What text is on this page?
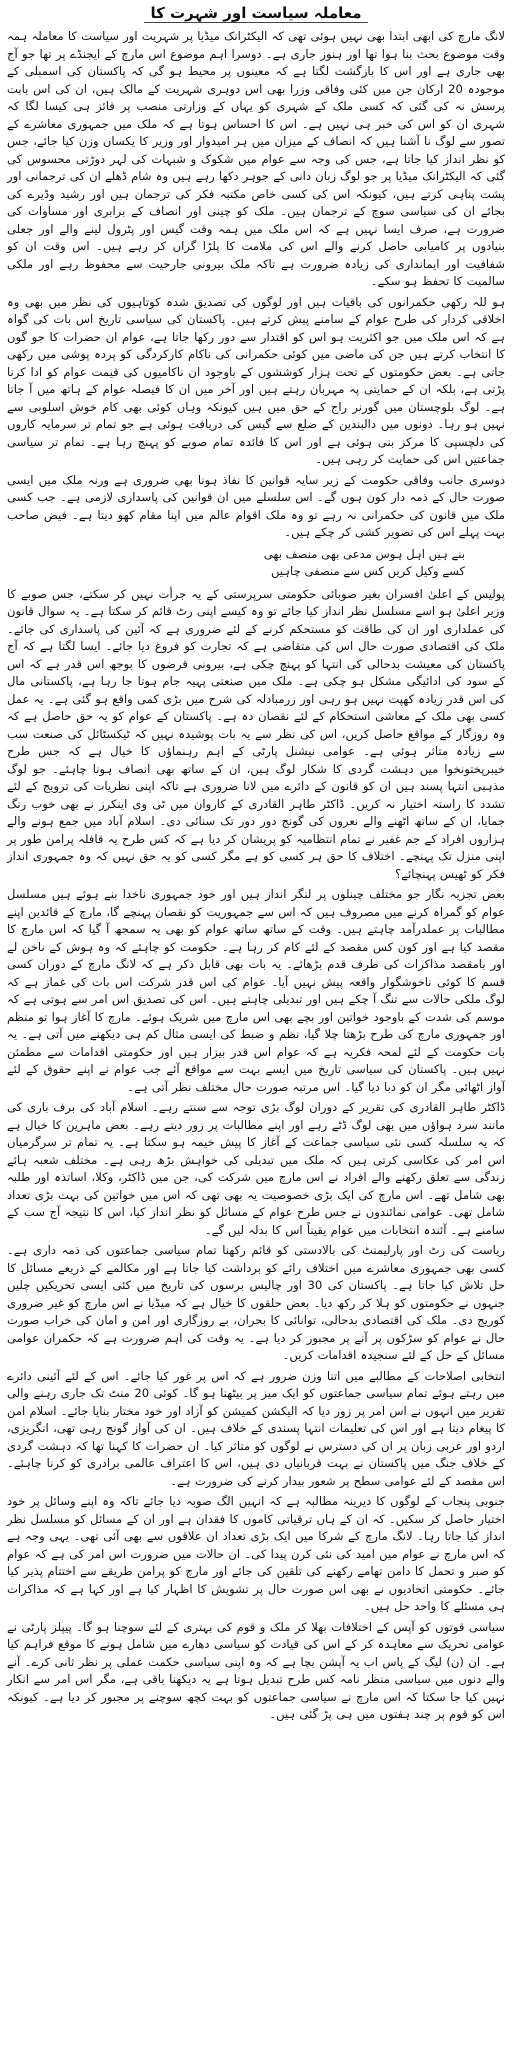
معاملہ سیاست اور شہرت کا

لانگ مارچ کی ابھی ابتدا بھی نہیں ہوئی تھی کہ الیکٹرانک میڈیا پر شہریت اور سیاست کا معاملہ ہمہ وقت موضوع بحث بنا ہوا تھا اور ہنوز جاری ہے۔ دوسرا اہم موضوع اس مارچ کے ایجنڈے پر تھا جو آج بھی جاری ہے اور اس کا بازگشت لگتا ہے کہ معینوں پر محیط ہو گی کہ پاکستان کی اسمبلی کے موجودہ 20 ارکان جن میں کئی وفاقی وزرا بھی اس دوہری شہریت کے مالک ہیں، ان کی اس بابت پرسش نہ کی گئی کہ کسی ملک کے شہری کو یہاں کے وزارتی منصب پر فائز ہی کیسا لگا کہ شہری ان کو اس کی خبر ہی نہیں ہے۔ اس کا احساس ہوتا ہے کہ ملک میں جمہوری معاشرے کے تصور سے لوگ نا آشنا ہیں کہ انصاف کے میزان میں ہر امیدوار اور وزیر کا یکساں وزن کیا جائے، جس کو نظر انداز کیا جاتا ہے، جس کی وجہ سے عوام میں شکوک و شبہات کی لہر دوڑتی محسوس کی گئی کہ الیکٹرانک میڈیا پر جو لوگ زبان دانی کے جوہر دکھا رہے ہیں وہ شام ڈھلے ان کی ترجمانی اور پشت پناہی کرتے ہیں، کیونکہ اس کی کسی خاص مکتبہ فکر کی ترجمان ہیں اور رشید وڈیرے کی بجائے ان کی سیاسی سوچ کے ترجمان ہیں۔ ملک کو چینی اور انصاف کے برابری اور مساوات کی ضرورت ہے، صرف ایسا نہیں ہے کہ اس ملک میں ہمہ وقت گیس اور پٹرول لینے والے اور جعلی بنیادوں پر کامیابی حاصل کرنے والے اس کی ملامت کا پلڑا گراں کر رہے ہیں۔ اس وقت ان کو شفافیت اور ایمانداری کی زیادہ ضرورت ہے تاکہ ملک بیرونی جارحیت سے محفوظ رہے اور ملکی سالمیت کا تحفظ ہو سکے۔

ہو للہ رکھی حکمرانوں کی باقیات ہیں اور لوگوں کی تصدیق شدہ کوتاہیوں کی نظر میں بھی وہ اخلاقی کردار کی طرح عوام کے سامنے پیش کرتے ہیں۔ پاکستان کی سیاسی تاریخ اس بات کی گواہ ہے کہ اس ملک میں جو اکثریت ہو اس کو اقتدار سے دور رکھا جاتا ہے، عوام ان حضرات کا جو گوں کا انتخاب کرتے ہیں جن کی ماضی میں کوئی حکمرانی کی ناکام کارکردگی کو پردہ پوشی میں رکھی جاتی ہے۔ بعض حکومتوں کے تحت ہزار کوششوں کے باوجود ان ناکامیوں کی قیمت عوام کو ادا کرنا پڑتی ہے، بلکہ ان کے حمایتی پہ مہربان رہتے ہیں اور آخر میں ان کا فیصلہ عوام کے ہاتھ میں آ جاتا ہے۔ لوگ بلوچستان میں گورنر راج کے حق میں ہیں کیونکہ وہاں کوئی بھی کام خوش اسلوبی سے نہیں ہو رہا۔ دونوں میں دالبندین کے ضلع سے گیس کی دریافت ہوئی ہے جو تمام تر سرمایہ کاروں کی دلچسپی کا مرکز بنی ہوئی ہے اور اس کا فائدہ تمام صوبے کو پہنچ رہا ہے۔ تمام تر سیاسی جماعتیں اس کی حمایت کر رہی ہیں۔

دوسری جانب وفاقی حکومت کے زیر سایہ قوانین کا نفاذ ہونا بھی ضروری ہے ورنہ ملک میں ایسی صورت حال کے ذمہ دار کون ہوں گے۔ اس سلسلے میں ان قوانین کی پاسداری لازمی ہے۔ جب کسی ملک میں قانون کی حکمرانی نہ رہے تو وہ ملک اقوام عالم میں اپنا مقام کھو دیتا ہے۔ فیض صاحب بہت پہلے اس کی تصویر کشی کر چکے ہیں۔

بنے ہیں اہل ہوس مدعی بھی منصف بھی
کسے وکیل کریں کس سے منصفی چاہیں

پولیس کے اعلیٰ افسران بغیر صوبائی حکومتی سرپرستی کے یہ جرأت نہیں کر سکتے، جس صوبے کا وزیر اعلیٰ ہو اسے مسلسل نظر انداز کیا جائے تو وہ کیسے اپنی رٹ قائم کر سکتا ہے۔ یہ سوال قانون کی عملداری اور ان کی طاقت کو مستحکم کرنے کے لئے ضروری ہے کہ آئین کی پاسداری کی جائے۔ ملک کی اقتصادی صورت حال اس کی متقاضی ہے کہ تجارت کو فروغ دیا جائے۔ ایسا لگتا ہے کہ آج پاکستان کی معیشت بدحالی کی انتہا کو پہنچ چکی ہے، بیرونی قرضوں کا بوجھ اس قدر ہے کہ اس کے سود کی ادائیگی مشکل ہو چکی ہے۔ ملک میں صنعتی پہیہ جام ہوتا جا رہا ہے، پاکستانی مال کی اس قدر زیادہ کھپت نہیں ہو رہی اور زرمبادلہ کی شرح میں بڑی کمی واقع ہو گئی ہے۔ یہ عمل کسی بھی ملک کے معاشی استحکام کے لئے نقصان دہ ہے۔ پاکستان کے عوام کو یہ حق حاصل ہے کہ وہ روزگار کے مواقع حاصل کریں، اس کی نظر سے یہ بات پوشیدہ نہیں کہ ٹیکسٹائل کی صنعت سب سے زیادہ متاثر ہوئی ہے۔ عوامی نیشنل پارٹی کے اہم رہنماؤں کا خیال ہے کہ جس طرح خیبرپختونخوا میں دہشت گردی کا شکار لوگ ہیں، ان کے ساتھ بھی انصاف ہونا چاہئے۔ جو لوگ مذہبی انتہا پسند ہیں ان کو قانون کے دائرے میں لانا ضروری ہے تاکہ اپنی نظریات کی ترویج کے لئے تشدد کا راستہ اختیار نہ کریں۔ ڈاکٹر طاہر القادری کے کاروان میں ٹی وی اینکرز نے بھی خوب رنگ جمایا، ان کے ساتھ اٹھنے والے نعروں کی گونج دور دور تک سنائی دی۔ اسلام آباد میں جمع ہونے والے ہزاروں افراد کے جم غفیر نے تمام انتظامیہ کو پریشان کر دیا ہے کہ کس طرح یہ قافلہ پرامن طور پر اپنی منزل تک پہنچے۔ اختلاف کا حق ہر کسی کو ہے مگر کسی کو یہ حق نہیں کہ وہ جمہوری انداز فکر کو ٹھیس پہنچائے؟

بعض تجزیہ نگار جو مختلف چینلوں پر لنگر انداز ہیں اور خود جمہوری ناخدا بنے ہوئے ہیں مسلسل عوام کو گمراہ کرنے میں مصروف ہیں کہ اس سے جمہوریت کو نقصان پہنچے گا، مارچ کے قائدین اپنے مطالبات پر عملدرآمد چاہتے ہیں۔ وقت کے ساتھ ساتھ عوام کو بھی یہ سمجھ آ گیا کہ اس مارچ کا مقصد کیا ہے اور کون کس مقصد کے لئے کام کر رہا ہے۔ حکومت کو چاہئے کہ وہ ہوش کے ناخن لے اور بامقصد مذاکرات کی طرف قدم بڑھائے۔ یہ بات بھی قابل ذکر ہے کہ لانگ مارچ کے دوران کسی قسم کا کوئی ناخوشگوار واقعہ پیش نہیں آیا۔ عوام کی اس قدر شرکت اس بات کی غماز ہے کہ لوگ ملکی حالات سے تنگ آ چکے ہیں اور تبدیلی چاہتے ہیں۔ اس کی تصدیق اس امر سے ہوتی ہے کہ موسم کی شدت کے باوجود خواتین اور بچے بھی اس مارچ میں شریک ہوئے۔ مارچ کا آغاز ہوا تو منظم اور جمہوری مارچ کی طرح بڑھتا چلا گیا، نظم و ضبط کی ایسی مثال کم ہی دیکھنے میں آتی ہے۔ یہ بات حکومت کے لئے لمحہ فکریہ ہے کہ عوام اس قدر بیزار ہیں اور حکومتی اقدامات سے مطمئن نہیں ہیں۔ پاکستان کی سیاسی تاریخ میں ایسے بہت سے مواقع آئے جب عوام نے اپنے حقوق کے لئے آواز اٹھائی مگر ان کو دبا دیا گیا۔ اس مرتبہ صورت حال مختلف نظر آتی ہے۔

ڈاکٹر طاہر القادری کی تقریر کے دوران لوگ بڑی توجہ سے سنتے رہے۔ اسلام آباد کی برف باری کی مانند سرد ہواؤں میں بھی لوگ ڈٹے رہے اور اپنے مطالبات پر زور دیتے رہے۔ بعض ماہرین کا خیال ہے کہ یہ سلسلہ کسی نئی سیاسی جماعت کے آغاز کا پیش خیمہ ہو سکتا ہے۔ یہ تمام تر سرگرمیاں اس امر کی عکاسی کرتی ہیں کہ ملک میں تبدیلی کی خواہش بڑھ رہی ہے۔ مختلف شعبہ ہائے زندگی سے تعلق رکھنے والے افراد نے اس مارچ میں شرکت کی، جن میں ڈاکٹر، وکلا، اساتذہ اور طلبہ بھی شامل تھے۔ اس مارچ کی ایک بڑی خصوصیت یہ بھی تھی کہ اس میں خواتین کی بہت بڑی تعداد شامل تھی۔ عوامی نمائندوں نے جس طرح عوام کے مسائل کو نظر انداز کیا، اس کا نتیجہ آج سب کے سامنے ہے۔ آئندہ انتخابات میں عوام یقیناً اس کا بدلہ لیں گے۔

ریاست کی رٹ اور پارلیمنٹ کی بالادستی کو قائم رکھنا تمام سیاسی جماعتوں کی ذمہ داری ہے۔ کسی بھی جمہوری معاشرے میں اختلاف رائے کو برداشت کیا جاتا ہے اور مکالمے کے ذریعے مسائل کا حل تلاش کیا جاتا ہے۔ پاکستان کی 30 اور چالیس برسوں کی تاریخ میں کئی ایسی تحریکیں چلیں جنہوں نے حکومتوں کو ہلا کر رکھ دیا۔ بعض حلقوں کا خیال ہے کہ میڈیا نے اس مارچ کو غیر ضروری کوریج دی۔ ملک کی اقتصادی بدحالی، توانائی کا بحران، بے روزگاری اور امن و امان کی خراب صورت حال نے عوام کو سڑکوں پر آنے پر مجبور کر دیا ہے۔ یہ وقت کی اہم ضرورت ہے کہ حکمران عوامی مسائل کے حل کے لئے سنجیدہ اقدامات کریں۔

انتخابی اصلاحات کے مطالبے میں اتنا وزن ضرور ہے کہ اس پر غور کیا جائے۔ اس کے لئے آئینی دائرے میں رہتے ہوئے تمام سیاسی جماعتوں کو ایک میز پر بیٹھنا ہو گا۔ کوئی 20 منٹ تک جاری رہنے والی تقریر میں انہوں نے اس امر پر زور دیا کہ الیکشن کمیشن کو آزاد اور خود مختار بنایا جائے۔ اسلام امن کا پیغام دیتا ہے اور اس کی تعلیمات انتہا پسندی کے خلاف ہیں۔ ان کی آواز گونج رہی تھی، انگریزی، اردو اور عربی زبان پر ان کی دسترس نے لوگوں کو متاثر کیا۔ ان حضرات کا کہنا تھا کہ دہشت گردی کے خلاف جنگ میں پاکستان نے بہت قربانیاں دی ہیں، اس کا اعتراف عالمی برادری کو کرنا چاہئے۔ اس مقصد کے لئے عوامی سطح پر شعور بیدار کرنے کی ضرورت ہے۔

جنوبی پنجاب کے لوگوں کا دیرینہ مطالبہ ہے کہ انہیں الگ صوبہ دیا جائے تاکہ وہ اپنے وسائل پر خود اختیار حاصل کر سکیں۔ کہ ان کے ہاں ترقیاتی کاموں کا فقدان ہے اور ان کے مسائل کو مسلسل نظر انداز کیا جاتا رہا۔ لانگ مارچ کے شرکا میں ایک بڑی تعداد ان علاقوں سے بھی آئی تھی۔ یہی وجہ ہے کہ اس مارچ نے عوام میں امید کی نئی کرن پیدا کی۔ ان حالات میں ضرورت اس امر کی ہے کہ عوام کو صبر و تحمل کا دامن تھامے رکھنے کی تلقین کی جائے اور مارچ کو پرامن طریقے سے اختتام پذیر کیا جائے۔ حکومتی اتحادیوں نے بھی اس صورت حال پر تشویش کا اظہار کیا ہے اور کہا ہے کہ مذاکرات ہی مسئلے کا واحد حل ہیں۔

سیاسی قوتوں کو آپس کے اختلافات بھلا کر ملک و قوم کی بہتری کے لئے سوچنا ہو گا۔ پیپلز پارٹی نے عوامی تحریک سے معاہدہ کر کے اس کی قیادت کو سیاسی دھارے میں شامل ہونے کا موقع فراہم کیا ہے۔ ان (ن) لیگ کے پاس اب یہ آپشن بچا ہے کہ وہ اپنی سیاسی حکمت عملی پر نظر ثانی کرے۔ آنے والے دنوں میں سیاسی منظر نامہ کس طرح تبدیل ہوتا ہے یہ دیکھنا باقی ہے، مگر اس امر سے انکار نہیں کیا جا سکتا کہ اس مارچ نے سیاسی جماعتوں کو بہت کچھ سوچنے پر مجبور کر دیا ہے۔ کیونکہ اس کو قوم پر چند ہفتوں میں ہی پڑ گئی ہیں۔
